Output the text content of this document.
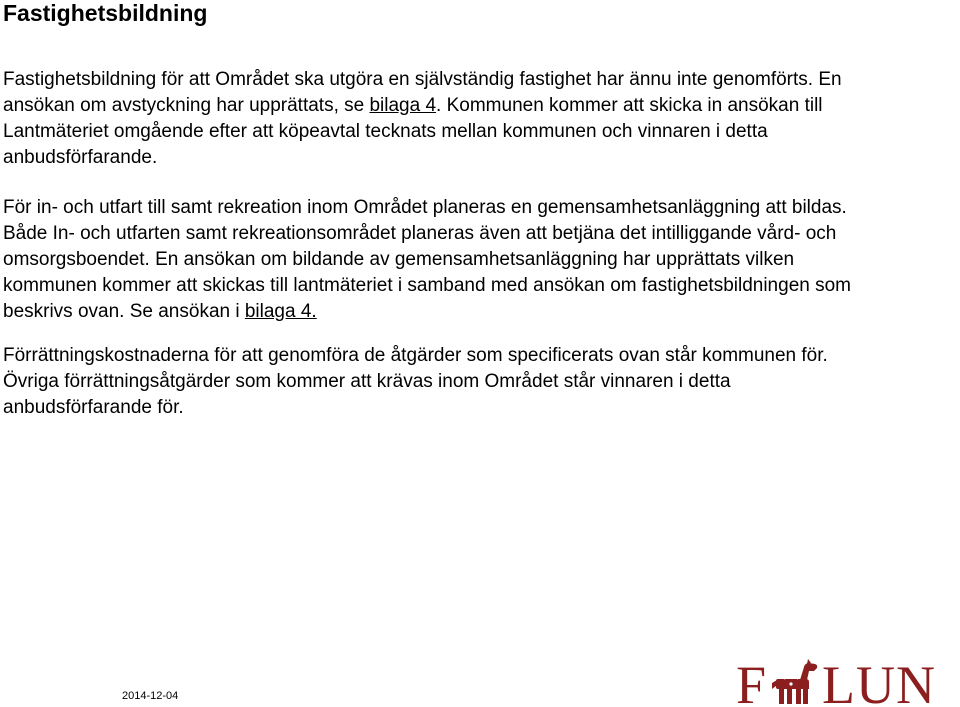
Fastighetsbildning
Fastighetsbildning för att Området ska utgöra en självständig fastighet har ännu inte genomförts. En
ansökan om avstyckning har upprättats, se bilaga 4. Kommunen kommer att skicka in ansökan till
Lantmäteriet omgående efter att köpeavtal tecknats mellan kommunen och vinnaren i detta
anbudsförfarande.
För in- och utfart till samt rekreation inom Området planeras en gemensamhetsanläggning att bildas.
Både In- och utfarten samt rekreationsområdet planeras även att betjäna det intilliggande vård- och
omsorgsboendet. En ansökan om bildande av gemensamhetsanläggning har upprättats vilken
kommunen kommer att skickas till lantmäteriet i samband med ansökan om fastighetsbildningen som
beskrivs ovan. Se ansökan i bilaga 4.
Förrättningskostnaderna för att genomföra de åtgärder som specificerats ovan står kommunen för.
Övriga förrättningsåtgärder som kommer att krävas inom Området står vinnaren i detta
anbudsförfarande för.
2014-12-04	F LUN
